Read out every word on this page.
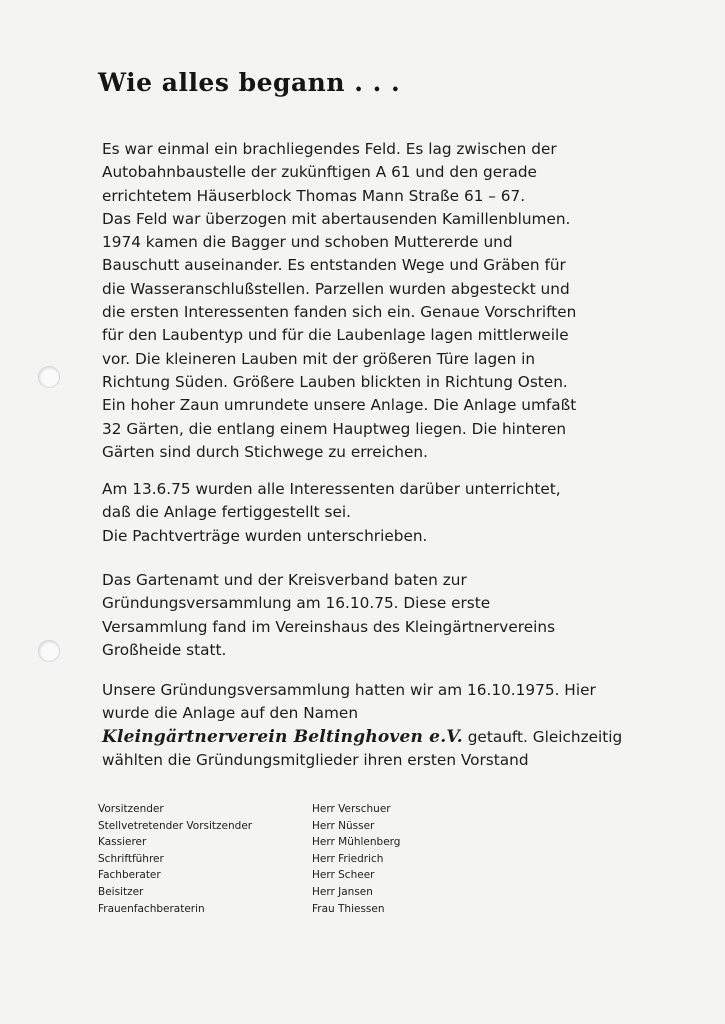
Wie alles begann . . .

Es war einmal ein brachliegendes Feld. Es lag zwischen der
Autobahnbaustelle der zukünftigen A 61 und den gerade
errichtetem Häuserblock Thomas Mann Straße 61 – 67.
Das Feld war überzogen mit abertausenden Kamillenblumen.
1974 kamen die Bagger und schoben Muttererde und
Bauschutt auseinander. Es entstanden Wege und Gräben für
die Wasseranschlußstellen. Parzellen wurden abgesteckt und
die ersten Interessenten fanden sich ein. Genaue Vorschriften
für den Laubentyp und für die Laubenlage lagen mittlerweile
vor. Die kleineren Lauben mit der größeren Türe lagen in
Richtung Süden. Größere Lauben blickten in Richtung Osten.
Ein hoher Zaun umrundete unsere Anlage. Die Anlage umfaßt
32 Gärten, die entlang einem Hauptweg liegen. Die hinteren
Gärten sind durch Stichwege zu erreichen.

Am 13.6.75 wurden alle Interessenten darüber unterrichtet,
daß die Anlage fertiggestellt sei.
Die Pachtverträge wurden unterschrieben.

Das Gartenamt und der Kreisverband baten zur
Gründungsversammlung am 16.10.75. Diese erste
Versammlung fand im Vereinshaus des Kleingärtnervereins
Großheide statt.

Unsere Gründungsversammlung hatten wir am 16.10.1975. Hier
wurde die Anlage auf den Namen
Kleingärtnerverein Beltinghoven e.V. getauft. Gleichzeitig
wählten die Gründungsmitglieder ihren ersten Vorstand

Vorsitzender	Herr Verschuer
Stellvetretender Vorsitzender	Herr Nüsser
Kassierer	Herr Mühlenberg
Schriftführer	Herr Friedrich
Fachberater	Herr Scheer
Beisitzer	Herr Jansen
Frauenfachberaterin	Frau Thiessen
